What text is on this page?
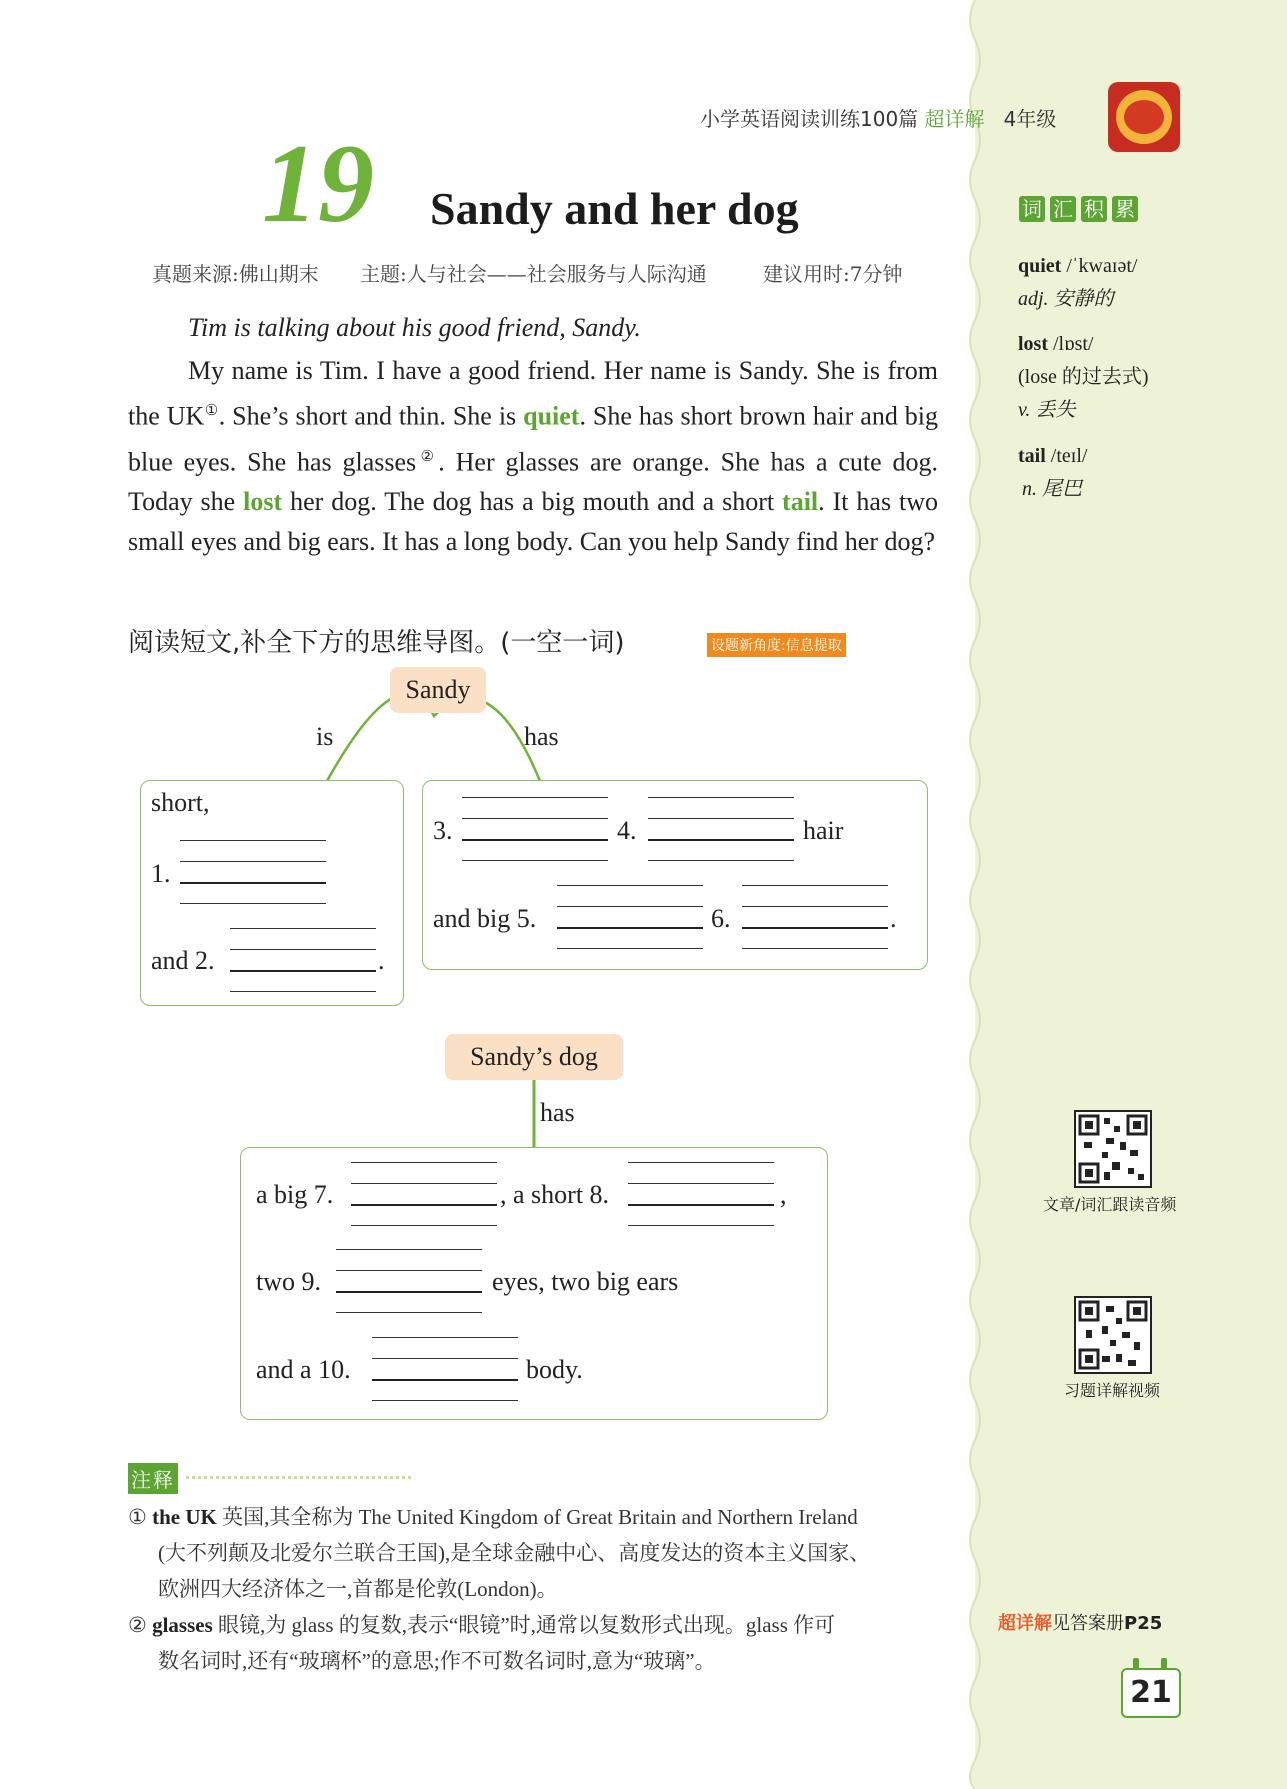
小学英语阅读训练100篇 超详解 4年级
19 Sandy and her dog
真题来源:佛山期末 主题:人与社会——社会服务与人际沟通	建议用时:7分钟
Tim is talking about his good friend, Sandy.
My name is Tim. I have a good friend. Her name is Sandy. She is from the UK①. She’s short and thin. She is quiet. She has short brown hair and big blue eyes. She has glasses②. Her glasses are orange. She has a cute dog. Today she lost her dog. The dog has a big mouth and a short tail. It has two small eyes and big ears. It has a long body. Can you help Sandy find her dog?
阅读短文,补全下方的思维导图。(一空一词)	设题新角度:信息提取
Sandy
is	has
short,
1.
and 2.	.
3.	4.	hair
and big 5.	6.	.
Sandy’s dog
has
a big 7.	, a short 8.	,
two 9.	eyes, two big ears
and a 10.	body.
注释
① the UK 英国,其全称为 The United Kingdom of Great Britain and Northern Ireland
(大不列颠及北爱尔兰联合王国),是全球金融中心、高度发达的资本主义国家、
欧洲四大经济体之一,首都是伦敦(London)。
② glasses 眼镜,为 glass 的复数,表示“眼镜”时,通常以复数形式出现。glass 作可
数名词时,还有“玻璃杯”的意思;作不可数名词时,意为“玻璃”。
词 汇 积 累
quiet /ˈkwaɪət/
adj. 安静的
lost /lɒst/
(lose 的过去式)
v. 丢失
tail /teɪl/
n. 尾巴
文章/词汇跟读音频
习题详解视频
超详解见答案册P25
21
